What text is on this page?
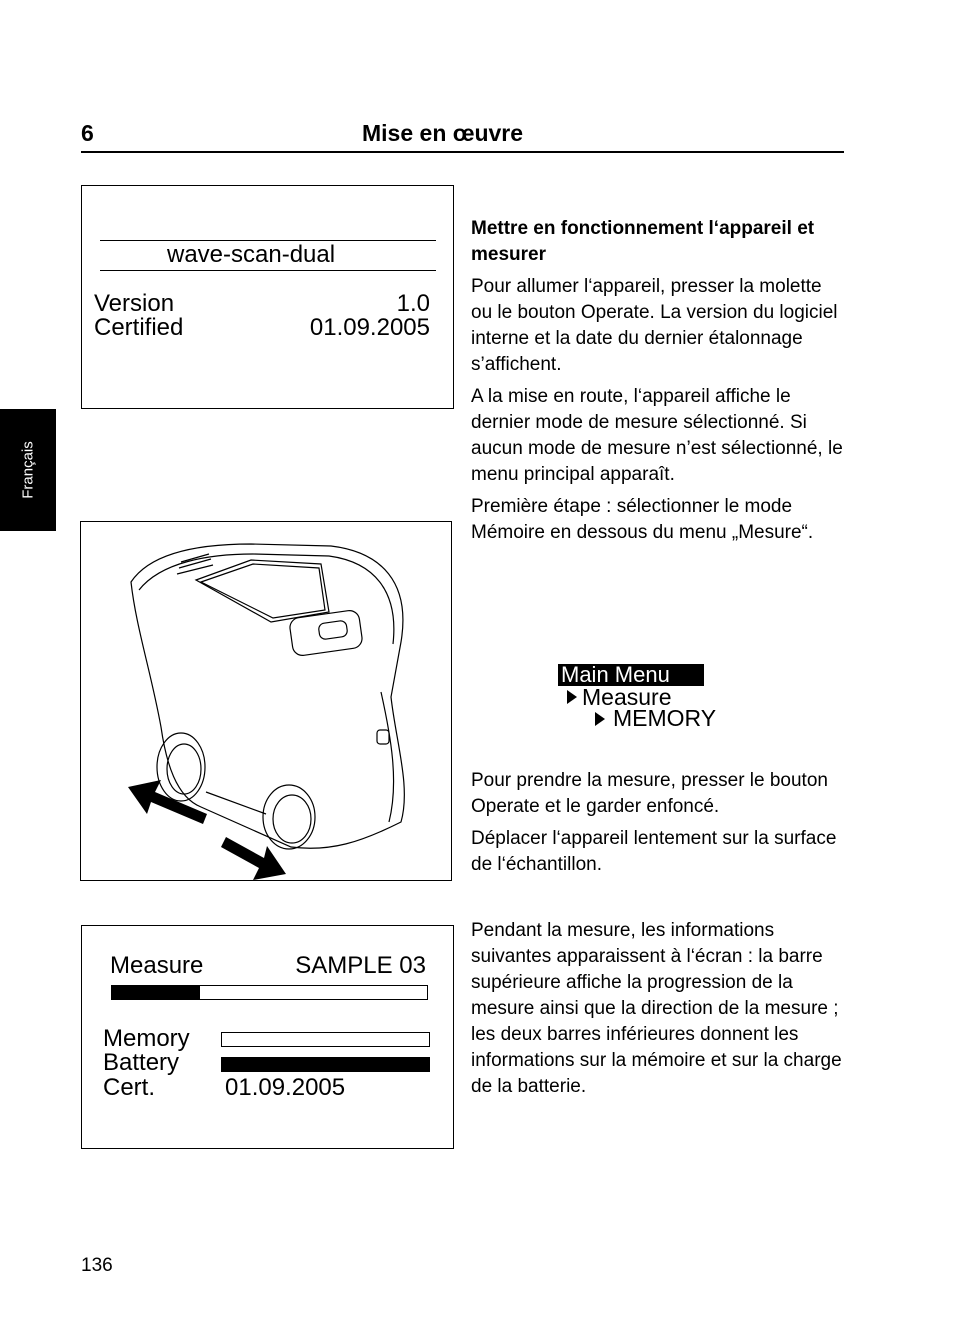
6	Mise en œuvre
Français
wave-scan-dual
Version	1.0
Certified	01.09.2005
Measure	SAMPLE 03
Memory
Battery
Cert.	01.09.2005
Mettre en fonctionnement l‘appareil et mesurer

Pour allumer l‘appareil, presser la molette ou le bouton Operate. La version du logiciel interne et la date du dernier étalonnage s’affichent.

A la mise en route, l‘appareil affiche le dernier mode de mesure sélectionné. Si aucun mode de mesure n’est sélectionné, le menu principal apparaît.

Première étape : sélectionner le mode Mémoire en dessous du menu „Mesure“.

Main Menu
Measure
MEMORY

Pour prendre la mesure, presser le bouton Operate et le garder enfoncé.

Déplacer l‘appareil lentement sur la surface de l‘échantillon.

Pendant la mesure, les informations suivantes apparaissent à l‘écran : la barre supérieure affiche la progression de la mesure ainsi que la direction de la mesure ; les deux barres inférieures donnent les informations sur la mémoire et sur la charge de la batterie.

136
